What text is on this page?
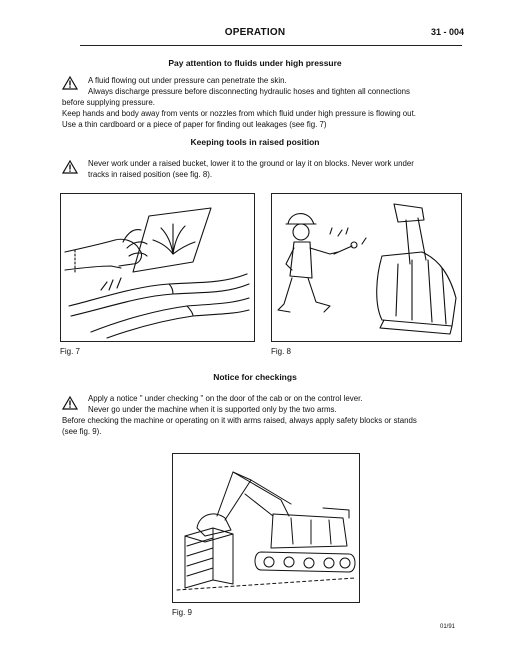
OPERATION	31 - 004
Pay attention to fluids under high pressure
A fluid flowing out under pressure can penetrate the skin.
Always discharge pressure before disconnecting hydraulic hoses and tighten all connections
before supplying pressure.
Keep hands and body away from vents or nozzles from which fluid under high pressure is flowing out.
Use a thin cardboard or a piece of paper for finding out leakages (see fig. 7)
Keeping tools in raised position
Never work under a raised bucket, lower it to the ground or lay it on blocks. Never work under
tracks in raised position (see fig. 8).
Fig. 7	Fig. 8
Notice for checkings
Apply a notice " under checking " on the door of the cab or on the control lever.
Never go under the machine when it is supported only by the two arms.
Before checking the machine or operating on it with arms raised, always apply safety blocks or stands
(see fig. 9).
Fig. 9
01/91
